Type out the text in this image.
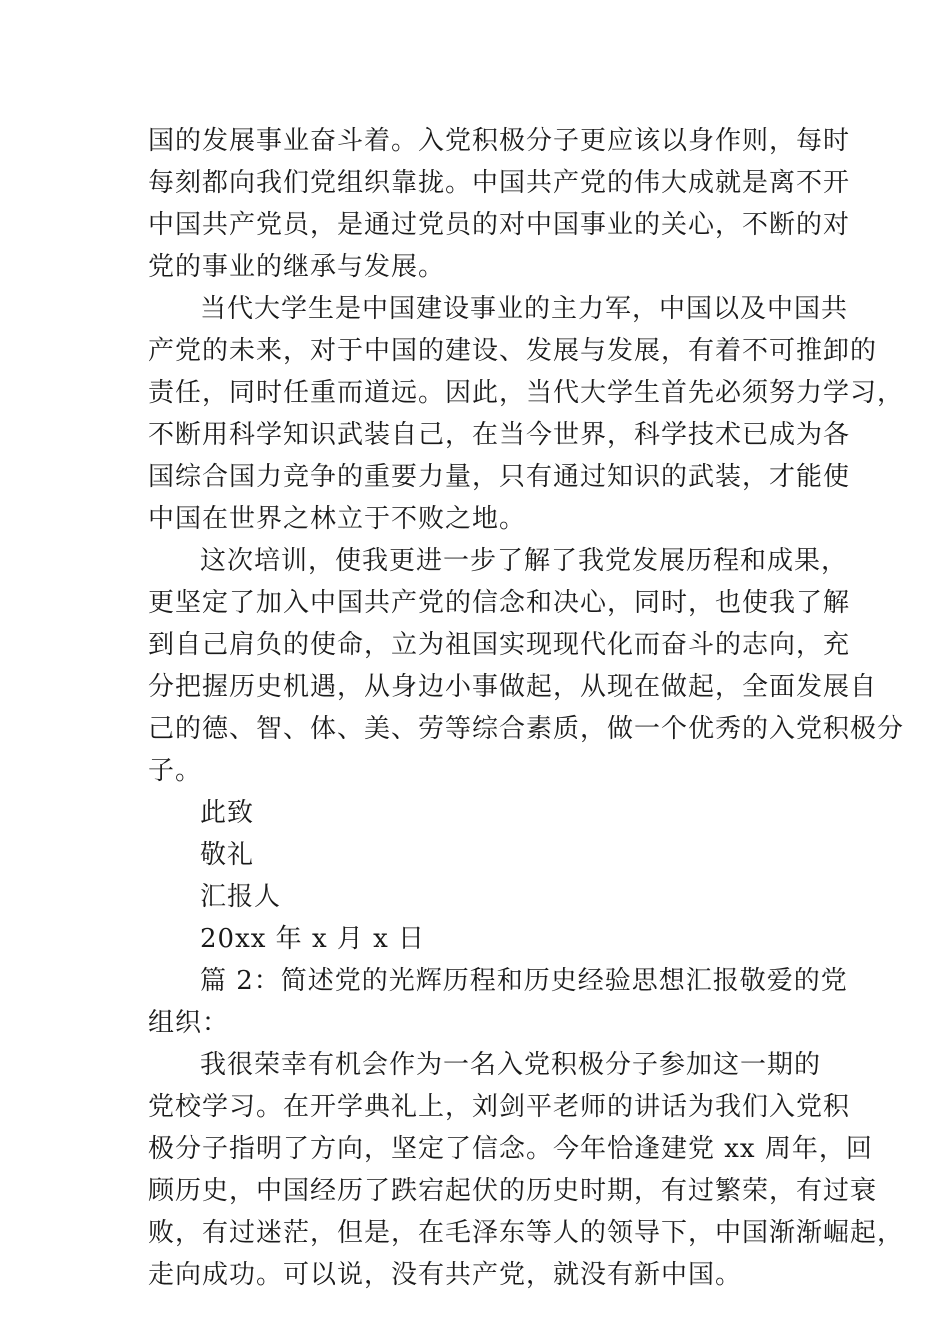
国的发展事业奋斗着。入党积极分子更应该以身作则，每时
每刻都向我们党组织靠拢。中国共产党的伟大成就是离不开
中国共产党员，是通过党员的对中国事业的关心，不断的对
党的事业的继承与发展。
当代大学生是中国建设事业的主力军，中国以及中国共
产党的未来，对于中国的建设、发展与发展，有着不可推卸的
责任，同时任重而道远。因此，当代大学生首先必须努力学习，
不断用科学知识武装自己，在当今世界，科学技术已成为各
国综合国力竞争的重要力量，只有通过知识的武装，才能使
中国在世界之林立于不败之地。
这次培训，使我更进一步了解了我党发展历程和成果，
更坚定了加入中国共产党的信念和决心，同时，也使我了解
到自己肩负的使命，立为祖国实现现代化而奋斗的志向，充
分把握历史机遇，从身边小事做起，从现在做起，全面发展自
己的德、智、体、美、劳等综合素质，做一个优秀的入党积极分
子。
此致
敬礼
汇报人
20xx 年 x 月 x 日
篇 2：简述党的光辉历程和历史经验思想汇报敬爱的党
组织：
我很荣幸有机会作为一名入党积极分子参加这一期的
党校学习。在开学典礼上，刘剑平老师的讲话为我们入党积
极分子指明了方向，坚定了信念。今年恰逢建党 xx 周年，回
顾历史，中国经历了跌宕起伏的历史时期，有过繁荣，有过衰
败，有过迷茫，但是，在毛泽东等人的领导下，中国渐渐崛起，
走向成功。可以说，没有共产党，就没有新中国。
